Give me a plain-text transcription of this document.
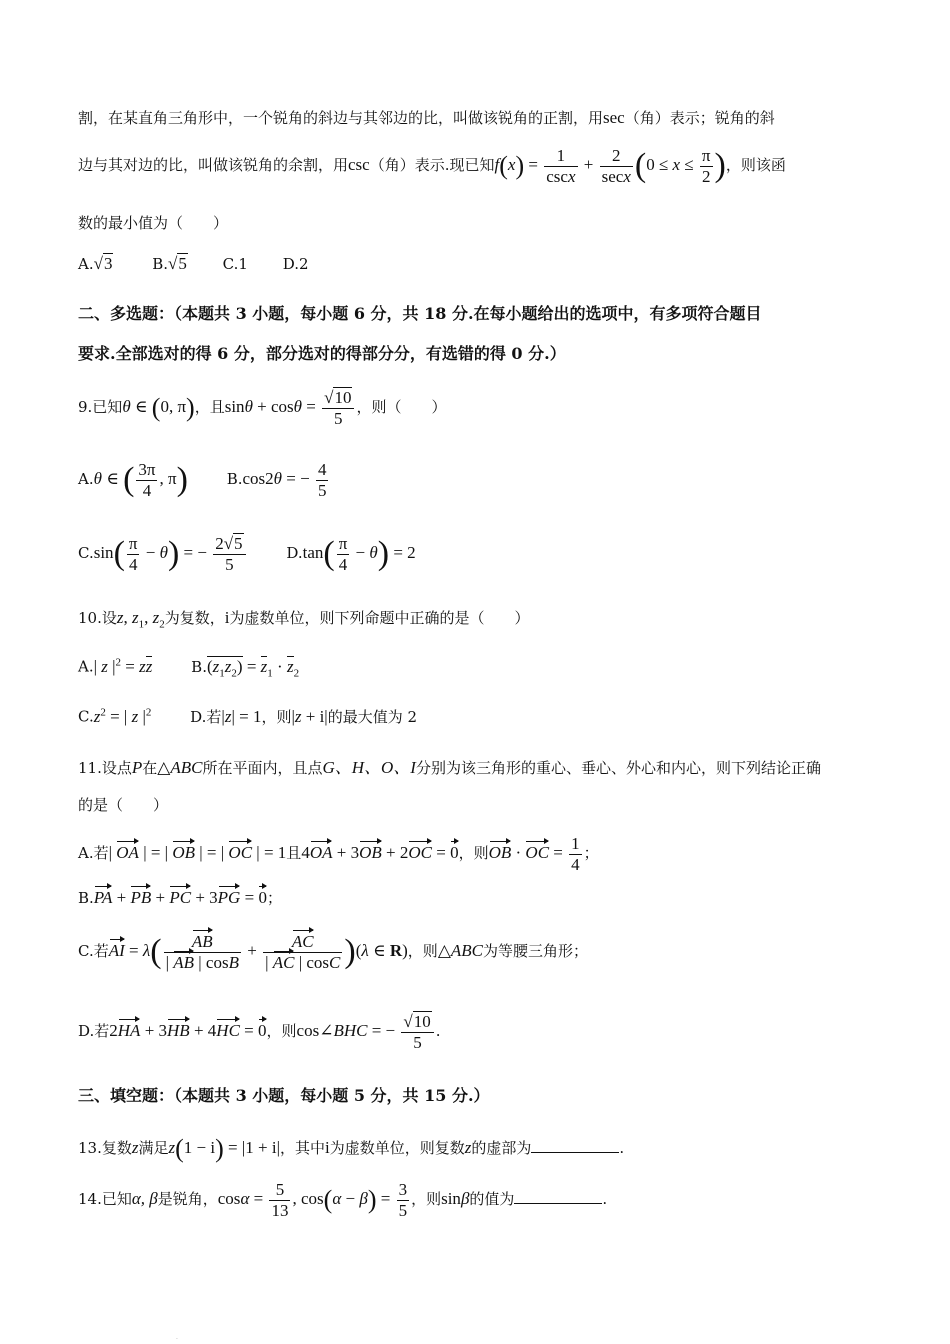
割，在某直角三角形中，一个锐角的斜边与其邻边的比，叫做该锐角的正割，用sec（角）表示；锐角的斜
边与其对边的比，叫做该锐角的余割，用csc（角）表示.现已知$f(x) = \frac{1}{\csc x} + \frac{2}{\sec x} (0 \le x \le \frac{\pi}{2}$ )，则该函
数的最小值为（　　）
A.√3	B.√5 C.1 D.2
二、多选题：（本题共 3 小题，每小题 6 分，共 18 分.在每小题给出的选项中，有多项符合题目
要求.全部选对的得 6 分，部分选对的得部分分，有选错的得 0 分.）
9.已知θ ∈ (0, π)，且$\sin\theta + \cos\theta = \frac{√10}{5}$ ，则（　　）
A.θ ∈ ( $\frac{3\pi}{4}$ , π)	B.cos2θ = − $\frac{4}{5}$
$C.\sin( \frac{\pi}{4} - \theta)$ = − $\frac{2√5}{5}$	$D.\tan( \frac{\pi}{4} - \theta) = 2$
10.设z, $z_1$, $z_2$为复数，i为虚数单位，则下列命题中正确的是（　　）
A.| z $|^2$ = zz	$B.(z_1z_2) = z_1 \cdot z_2$
$C.z^2$ = | z $|^2$	D.若|z| = 1，则|z + i|的最大值为 2
11.设点P在△ABC所在平面内，且点G、H、O、I分别为该三角形的重心、垂心、外心和内心，则下列结论正确
的是（　　）
A.若| OA | = | OB | = | OC | = 1且4OA + 3OB + 2OC = 0，则OB · OC = $\frac{1}{4}$ ；
B.PA + PB + PC + 3PG = 0；
C.若AI = $\lambda( \frac{AB}{| AB | \cos B} + \frac{AC}{| AC | \cos C} )(\lambda$ ∈ R)，则△ABC为等腰三角形；
D.若2HA + 3HB + 4HC = 0，则cos∠BHC = − $\frac{√10}{5}$ .
三、填空题：（本题共 3 小题，每小题 5 分，共 15 分.）
13.复数z满足z(1 − i) = |1 + i|，其中i为虚数单位，则复数z的虚部为	.
14.已知α, β是锐角，$\cos\alpha = \frac{5}{13}$ , $\cos(\alpha - \beta) = \frac{3}{5}$ ，则sinβ的值为	.
·
